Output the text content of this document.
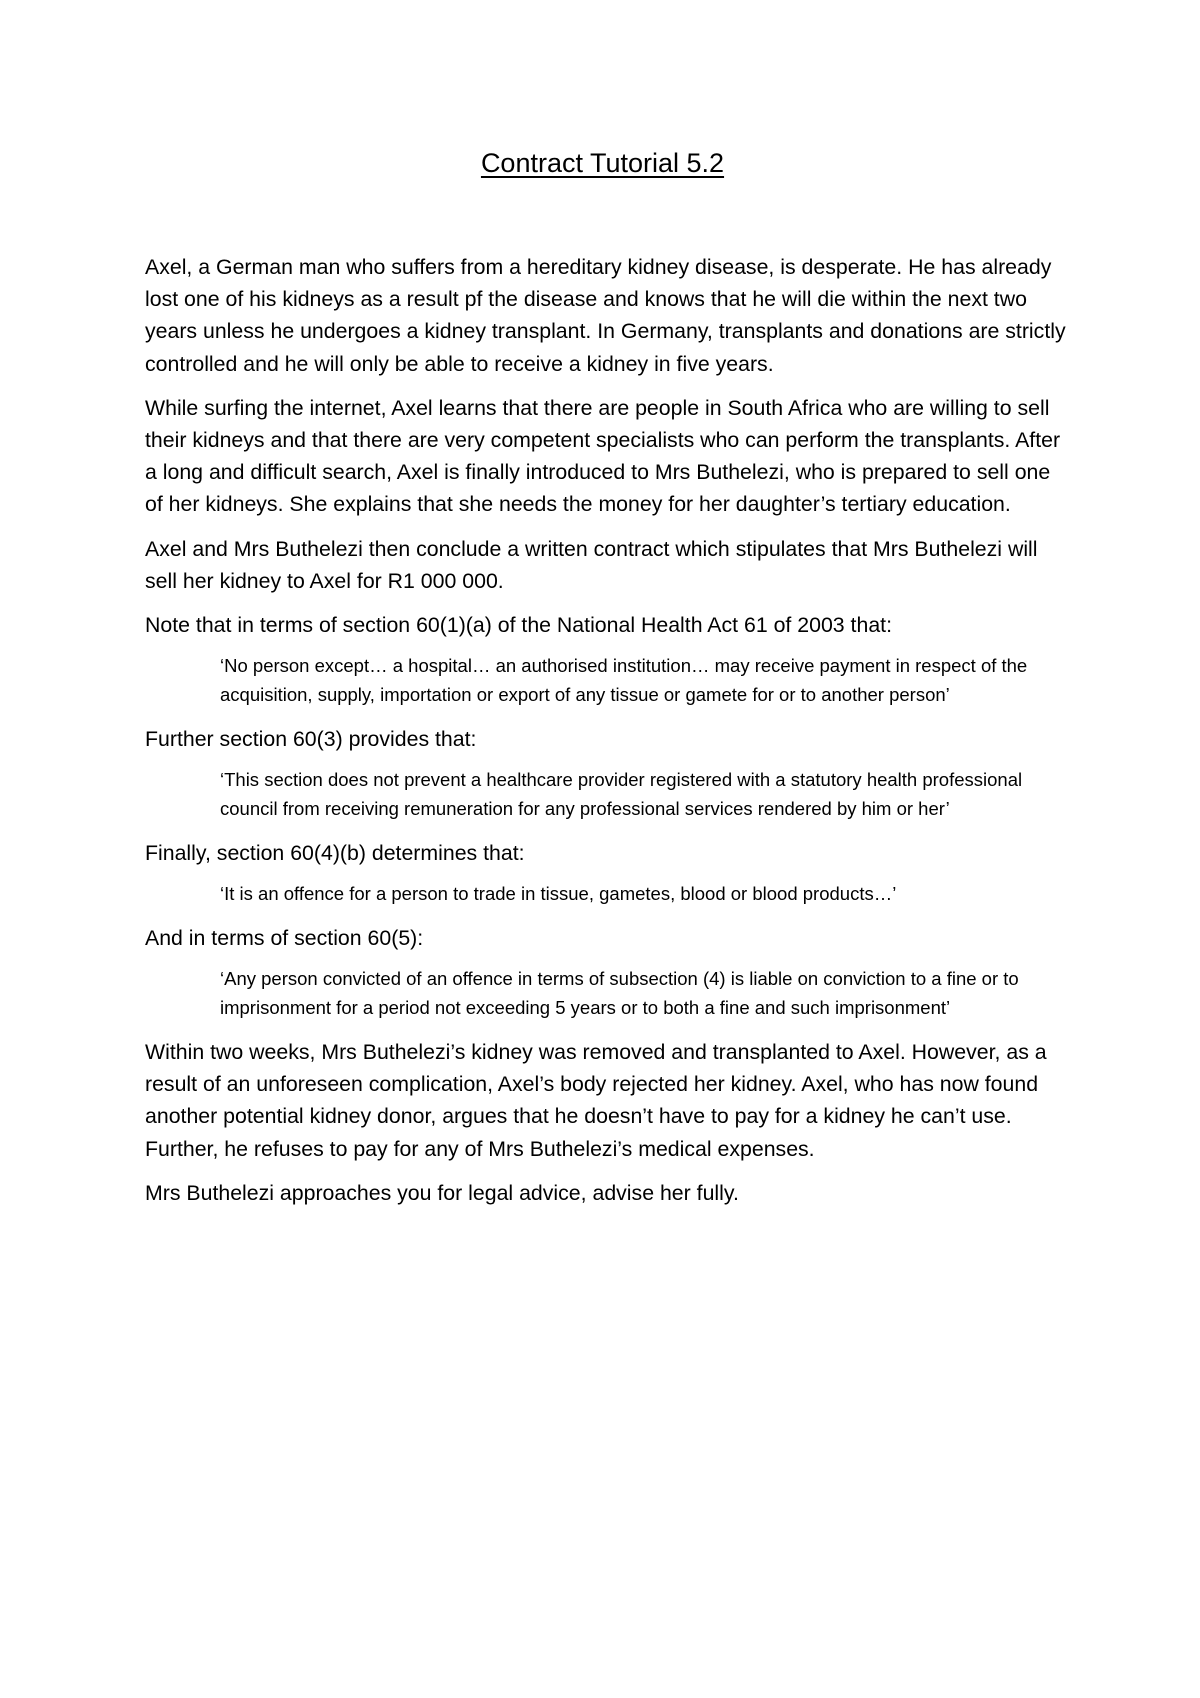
Contract Tutorial 5.2

Axel, a German man who suffers from a hereditary kidney disease, is desperate. He has already lost one of his kidneys as a result pf the disease and knows that he will die within the next two years unless he undergoes a kidney transplant. In Germany, transplants and donations are strictly controlled and he will only be able to receive a kidney in five years.

While surfing the internet, Axel learns that there are people in South Africa who are willing to sell their kidneys and that there are very competent specialists who can perform the transplants. After a long and difficult search, Axel is finally introduced to Mrs Buthelezi, who is prepared to sell one of her kidneys. She explains that she needs the money for her daughter’s tertiary education.

Axel and Mrs Buthelezi then conclude a written contract which stipulates that Mrs Buthelezi will sell her kidney to Axel for R1 000 000.

Note that in terms of section 60(1)(a) of the National Health Act 61 of 2003 that:

‘No person except… a hospital… an authorised institution… may receive payment in respect of the acquisition, supply, importation or export of any tissue or gamete for or to another person’

Further section 60(3) provides that:

‘This section does not prevent a healthcare provider registered with a statutory health professional council from receiving remuneration for any professional services rendered by him or her’

Finally, section 60(4)(b) determines that:

‘It is an offence for a person to trade in tissue, gametes, blood or blood products…’

And in terms of section 60(5):

‘Any person convicted of an offence in terms of subsection (4) is liable on conviction to a fine or to imprisonment for a period not exceeding 5 years or to both a fine and such imprisonment’

Within two weeks, Mrs Buthelezi’s kidney was removed and transplanted to Axel. However, as a result of an unforeseen complication, Axel’s body rejected her kidney. Axel, who has now found another potential kidney donor, argues that he doesn’t have to pay for a kidney he can’t use. Further, he refuses to pay for any of Mrs Buthelezi’s medical expenses.

Mrs Buthelezi approaches you for legal advice, advise her fully.
